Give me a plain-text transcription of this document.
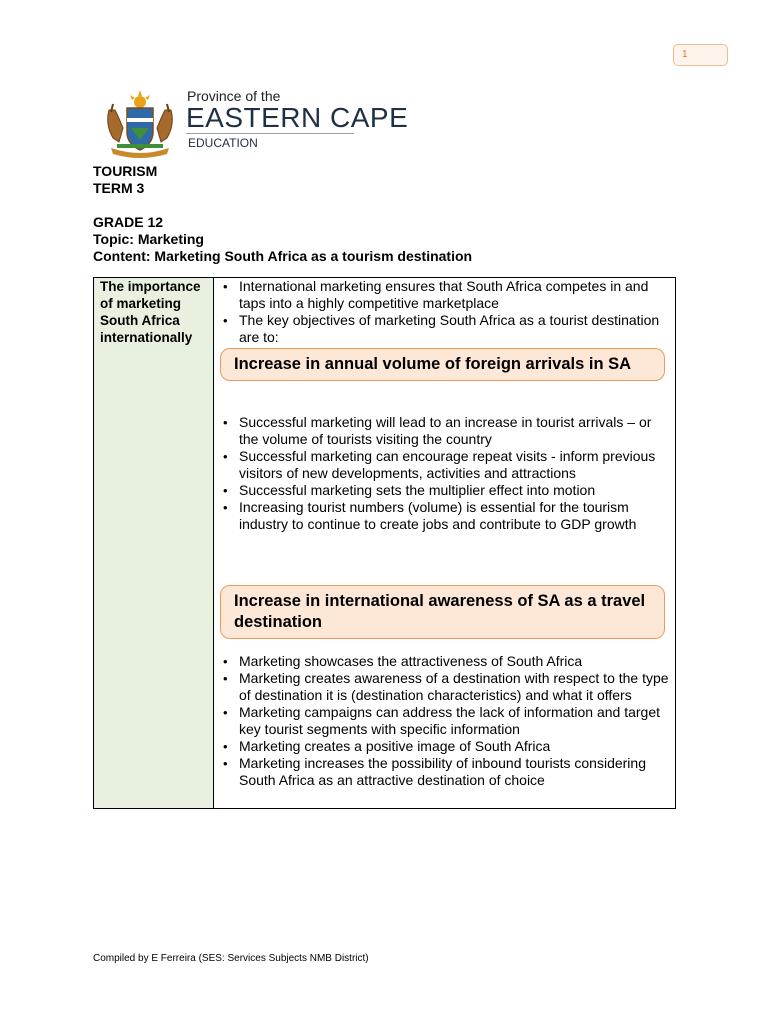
1
Province of the
EASTERN CAPE
EDUCATION
TOURISM
TERM 3
GRADE 12
Topic: Marketing
Content: Marketing South Africa as a tourism destination
The importance of marketing South Africa internationally
• International marketing ensures that South Africa competes in and taps into a highly competitive marketplace
• The key objectives of marketing South Africa as a tourist destination are to:
Increase in annual volume of foreign arrivals in SA
• Successful marketing will lead to an increase in tourist arrivals – or the volume of tourists visiting the country
• Successful marketing can encourage repeat visits - inform previous visitors of new developments, activities and attractions
• Successful marketing sets the multiplier effect into motion
• Increasing tourist numbers (volume) is essential for the tourism industry to continue to create jobs and contribute to GDP growth
Increase in international awareness of SA as a travel destination
• Marketing showcases the attractiveness of South Africa
• Marketing creates awareness of a destination with respect to the type of destination it is (destination characteristics) and what it offers
• Marketing campaigns can address the lack of information and target key tourist segments with specific information
• Marketing creates a positive image of South Africa
• Marketing increases the possibility of inbound tourists considering South Africa as an attractive destination of choice
Compiled by E Ferreira (SES: Services Subjects NMB District)
